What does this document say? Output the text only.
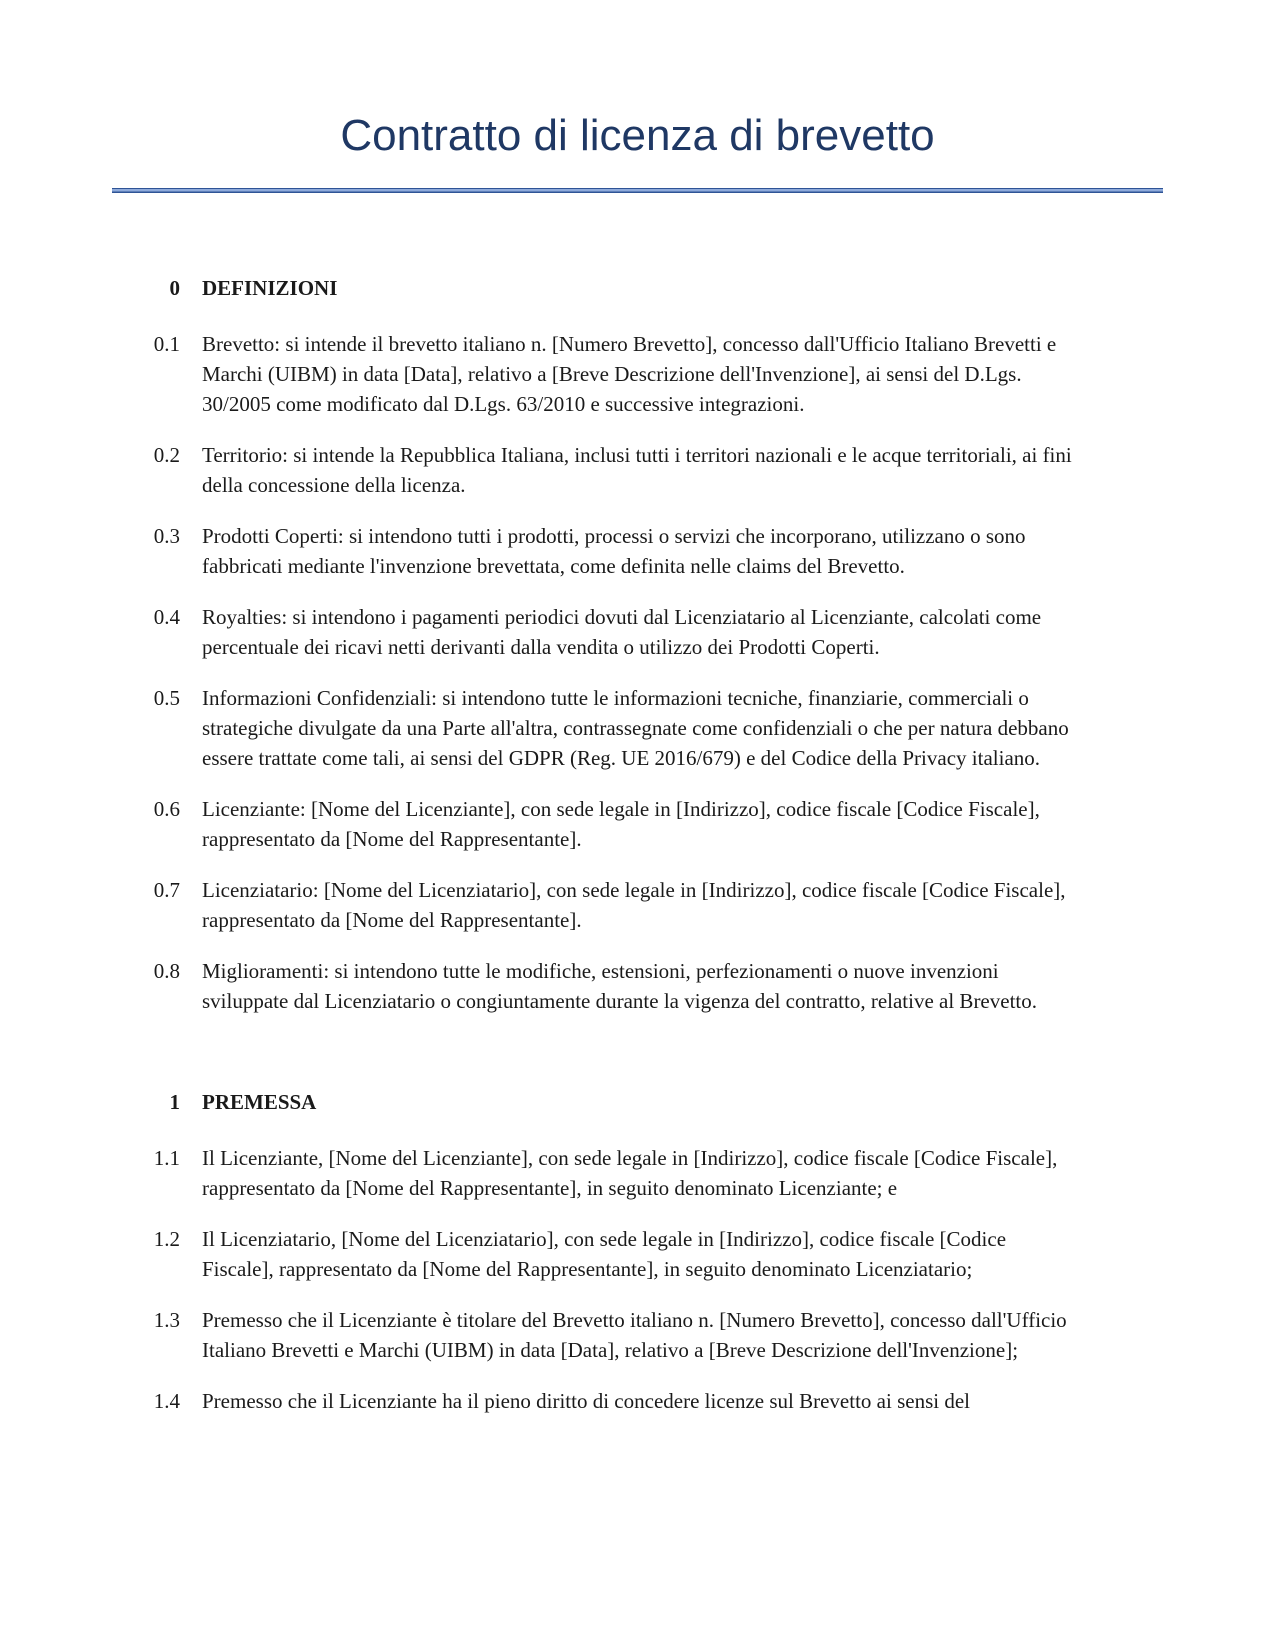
Contratto di licenza di brevetto
0 DEFINIZIONI
0.1 Brevetto: si intende il brevetto italiano n. [Numero Brevetto], concesso dall'Ufficio Italiano Brevetti e Marchi (UIBM) in data [Data], relativo a [Breve Descrizione dell'Invenzione], ai sensi del D.Lgs. 30/2005 come modificato dal D.Lgs. 63/2010 e successive integrazioni.

0.2 Territorio: si intende la Repubblica Italiana, inclusi tutti i territori nazionali e le acque territoriali, ai fini della concessione della licenza.

0.3 Prodotti Coperti: si intendono tutti i prodotti, processi o servizi che incorporano, utilizzano o sono fabbricati mediante l'invenzione brevettata, come definita nelle claims del Brevetto.

0.4 Royalties: si intendono i pagamenti periodici dovuti dal Licenziatario al Licenziante, calcolati come percentuale dei ricavi netti derivanti dalla vendita o utilizzo dei Prodotti Coperti.

0.5 Informazioni Confidenziali: si intendono tutte le informazioni tecniche, finanziarie, commerciali o strategiche divulgate da una Parte all'altra, contrassegnate come confidenziali o che per natura debbano essere trattate come tali, ai sensi del GDPR (Reg. UE 2016/679) e del Codice della Privacy italiano.

0.6 Licenziante: [Nome del Licenziante], con sede legale in [Indirizzo], codice fiscale [Codice Fiscale], rappresentato da [Nome del Rappresentante].

0.7 Licenziatario: [Nome del Licenziatario], con sede legale in [Indirizzo], codice fiscale [Codice Fiscale], rappresentato da [Nome del Rappresentante].

0.8 Miglioramenti: si intendono tutte le modifiche, estensioni, perfezionamenti o nuove invenzioni sviluppate dal Licenziatario o congiuntamente durante la vigenza del contratto, relative al Brevetto.

1 PREMESSA
1.1 Il Licenziante, [Nome del Licenziante], con sede legale in [Indirizzo], codice fiscale [Codice Fiscale], rappresentato da [Nome del Rappresentante], in seguito denominato Licenziante; e

1.2 Il Licenziatario, [Nome del Licenziatario], con sede legale in [Indirizzo], codice fiscale [Codice Fiscale], rappresentato da [Nome del Rappresentante], in seguito denominato Licenziatario;

1.3 Premesso che il Licenziante è titolare del Brevetto italiano n. [Numero Brevetto], concesso dall'Ufficio Italiano Brevetti e Marchi (UIBM) in data [Data], relativo a [Breve Descrizione dell'Invenzione];

1.4 Premesso che il Licenziante ha il pieno diritto di concedere licenze sul Brevetto ai sensi del
